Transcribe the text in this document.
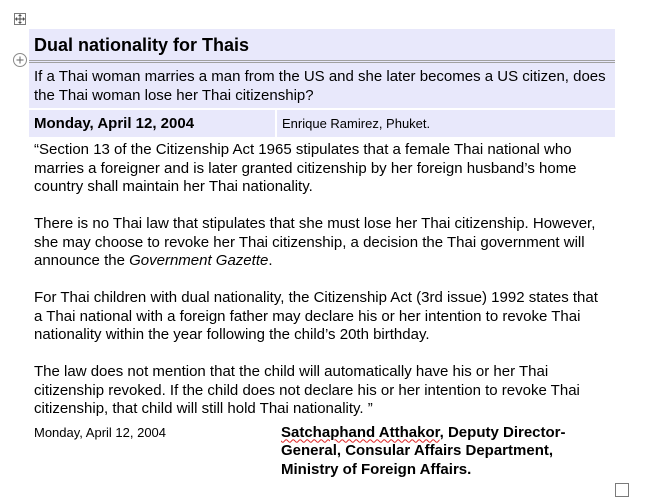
Dual nationality for Thais	
If a Thai woman marries a man from the US and she later becomes a US citizen, does the Thai woman lose her Thai citizenship?	
Monday, April 12, 2004	Enrique Ramirez, Phuket.

“Section 13 of the Citizenship Act 1965 stipulates that a female Thai national who marries a foreigner and is later granted citizenship by her foreign husband’s home country shall maintain her Thai nationality.

There is no Thai law that stipulates that she must lose her Thai citizenship. However, she may choose to revoke her Thai citizenship, a decision the Thai government will announce the Government Gazette.

For Thai children with dual nationality, the Citizenship Act (3rd issue) 1992 states that a Thai national with a foreign father may declare his or her intention to revoke Thai nationality within the year following the child’s 20th birthday.

The law does not mention that the child will automatically have his or her Thai citizenship revoked. If the child does not declare his or her intention to revoke Thai citizenship, that child will still hold Thai nationality. ”	

Monday, April 12, 2004	Satchaphand Atthakor, Deputy Director-General, Consular Affairs Department, Ministry of Foreign Affairs.
